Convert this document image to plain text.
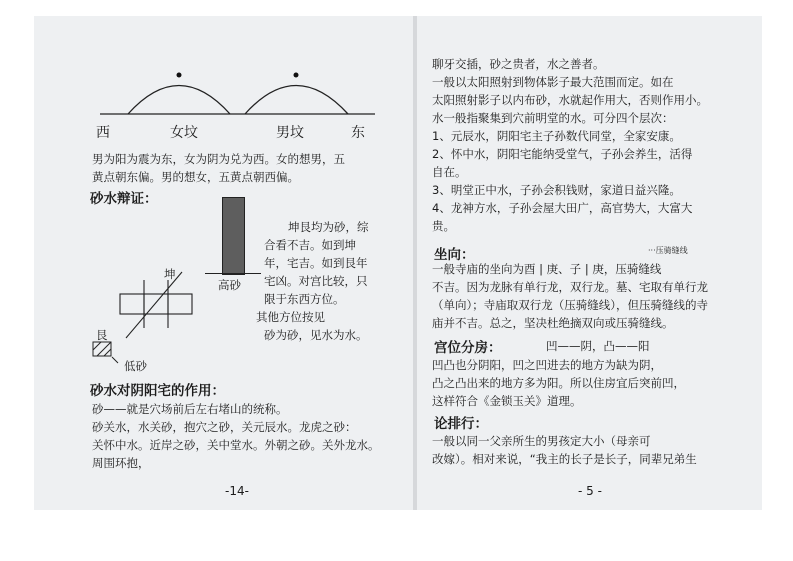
西	女坟	男坟	东
男为阳为震为东，女为阴为兑为西。女的想男，五
黄点朝东偏。男的想女，五黄点朝西偏。
砂水辩证：
高砂
坤艮均为砂，综
合看不吉。如到坤
年，宅吉。如到艮年
宅凶。对宫比较，只
限于东西方位。
其他方位按见
砂为砂，见水为水。
坤
艮
低砂
砂水对阴阳宅的作用：
砂——就是穴场前后左右堵山的统称。
砂关水，水关砂，抱穴之砂，关元辰水。龙虎之砂：
关怀中水。近岸之砂，关中堂水。外朝之砂。关外龙水。
周围环抱，
-14-
聊牙交插，砂之贵者，水之善者。
一般以太阳照射到物体影子最大范围而定。如在
太阳照射影子以内布砂，水就起作用大，否则作用小。
水一般指聚集到穴前明堂的水。可分四个层次：
1、元辰水，阴阳宅主子孙数代同堂，全家安康。
2、怀中水，阴阳宅能纳受堂气，子孙会养生，活得
自在。
3、明堂正中水，子孙会积钱财，家道日益兴隆。
4、龙神方水，子孙会屋大田广，高官势大，大富大
贵。
坐向：	···压骑缝线
一般寺庙的坐向为酉 | 庚、子 | 庚，压骑缝线
不吉。因为龙脉有单行龙，双行龙。墓、宅取有单行龙
（单向）；寺庙取双行龙（压骑缝线），但压骑缝线的寺
庙并不吉。总之，坚决杜绝摘双向或压骑缝线。
宫位分房：	凹——阴，凸——阳
凹凸也分阴阳，凹之凹进去的地方为缺为阴，
凸之凸出来的地方多为阳。所以住房宜后突前凹，
这样符合《金锁玉关》道理。
论排行：
一般以同一父亲所生的男孩定大小（母亲可
改嫁）。相对来说，“我主的长子是长子，同辈兄弟生
- 5 -
